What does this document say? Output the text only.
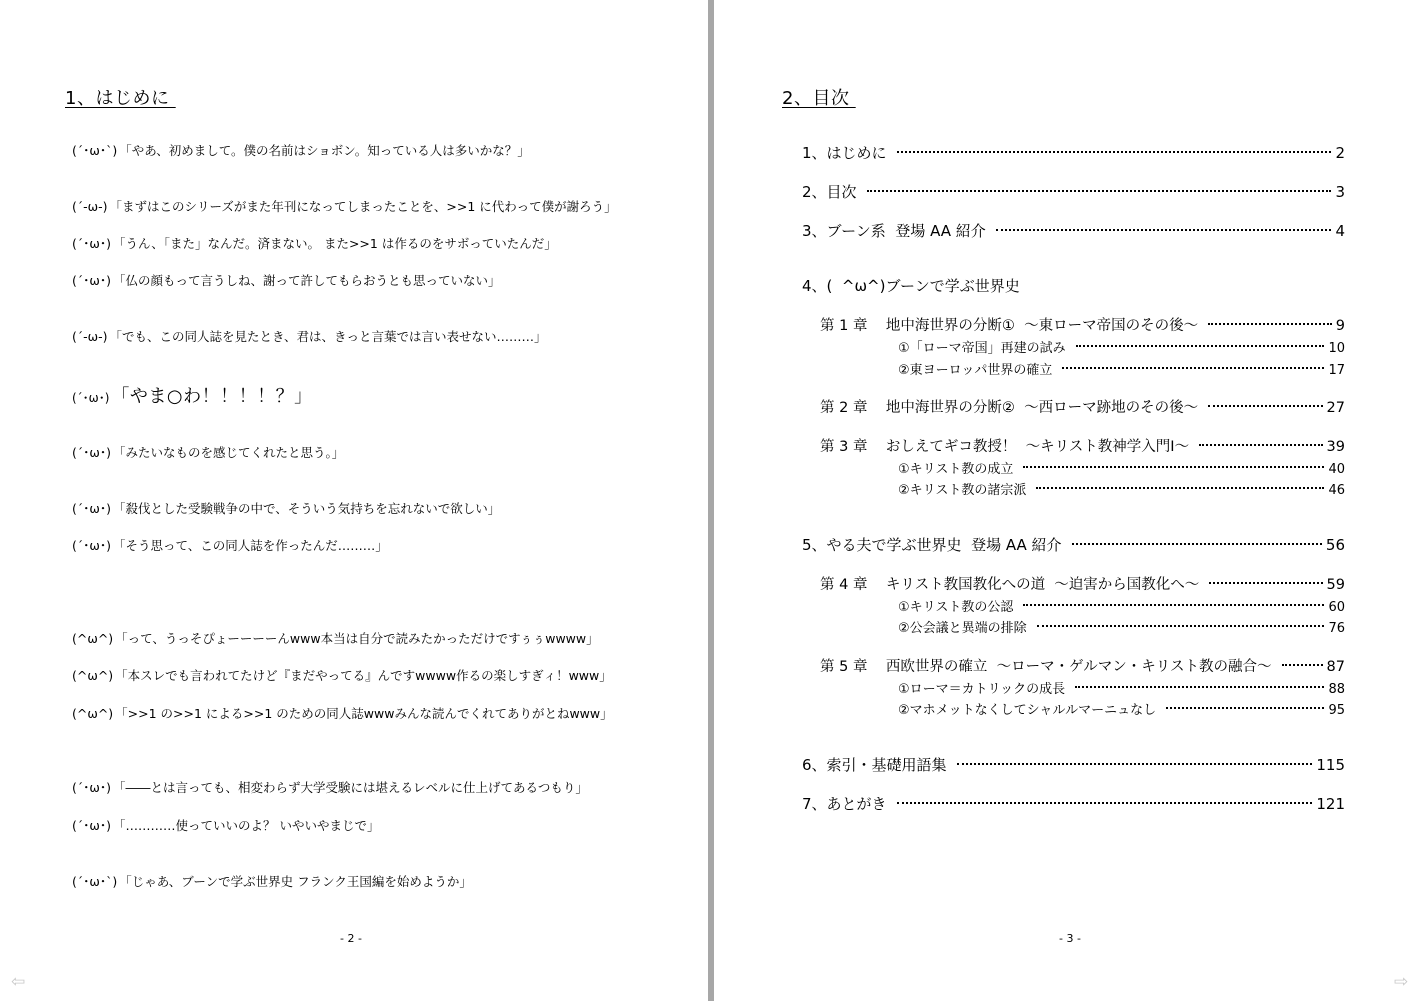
1、はじめに
(´･ω･`) 「やあ、初めまして。僕の名前はショボン。知っている人は多いかな？」
(´-ω-) 「まずはこのシリーズがまた年刊になってしまったことを、>>1 に代わって僕が謝ろう」
(´･ω･) 「うん、「また」なんだ。済まない。 また>>1 は作るのをサボっていたんだ」
(´･ω･) 「仏の顔もって言うしね、謝って許してもらおうとも思っていない」
(´-ω-) 「でも、この同人誌を見たとき、君は、きっと言葉では言い表せない………」
(´･ω･) 「やま○わ！！！！？」
(´･ω･) 「みたいなものを感じてくれたと思う。」
(´･ω･) 「殺伐とした受験戦争の中で、そういう気持ちを忘れないで欲しい」
(´･ω･) 「そう思って、この同人誌を作ったんだ………」
(^ω^) 「って、うっそぴょーーーーんwww本当は自分で読みたかっただけですぅぅwwww」
(^ω^) 「本スレでも言われてたけど『まだやってる』んですwwww作るの楽しすぎィ！www」
(^ω^) 「>>1 の>>1 による>>1 のための同人誌wwwみんな読んでくれてありがとねwww」
(´･ω･) 「――とは言っても、相変わらず大学受験には堪えるレベルに仕上げてあるつもり」
(´･ω･) 「…………使っていいのよ？ いやいやまじで」
(´･ω･`) 「じゃあ、ブーンで学ぶ世界史 フランク王国編を始めようか」
- 2 -
2、目次
1、はじめに	2
2、目次	3
3、ブーン系  登場 AA 紹介	4
4、(  ^ω^)ブーンで学ぶ世界史
第 1 章    地中海世界の分断①  ～東ローマ帝国のその後～	9
①「ローマ帝国」再建の試み	10
②東ヨーロッパ世界の確立	17
第 2 章    地中海世界の分断②  ～西ローマ跡地のその後～	27
第 3 章    おしえてギコ教授！  ～キリスト教神学入門Ⅰ～	39
①キリスト教の成立	40
②キリスト教の諸宗派	46
5、やる夫で学ぶ世界史  登場 AA 紹介	56
第 4 章    キリスト教国教化への道  ～迫害から国教化へ～	59
①キリスト教の公認	60
②公会議と異端の排除	76
第 5 章    西欧世界の確立  ～ローマ・ゲルマン・キリスト教の融合～	87
①ローマ＝カトリックの成長	88
②マホメットなくしてシャルルマーニュなし	95
6、索引・基礎用語集	115
7、あとがき	121
- 3 -
⇦	⇨
